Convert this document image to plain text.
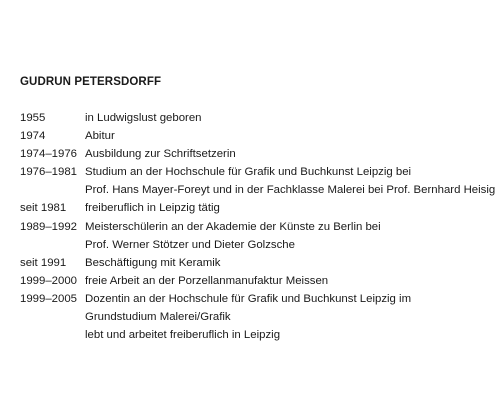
GUDRUN PETERSDORFF
1955	in Ludwigslust geboren
1974	Abitur
1974–1976 Ausbildung zur Schriftsetzerin
1976–1981 Studium an der Hochschule für Grafik und Buchkunst Leipzig bei
Prof. Hans Mayer-Foreyt und in der Fachklasse Malerei bei Prof. Bernhard Heisig
seit 1981	freiberuflich in Leipzig tätig
1989–1992 Meisterschülerin an der Akademie der Künste zu Berlin bei
Prof. Werner Stötzer und Dieter Golzsche
seit 1991	Beschäftigung mit Keramik
1999–2000 freie Arbeit an der Porzellanmanufaktur Meissen
1999–2005 Dozentin an der Hochschule für Grafik und Buchkunst Leipzig im
Grundstudium Malerei/Grafik
lebt und arbeitet freiberuflich in Leipzig
